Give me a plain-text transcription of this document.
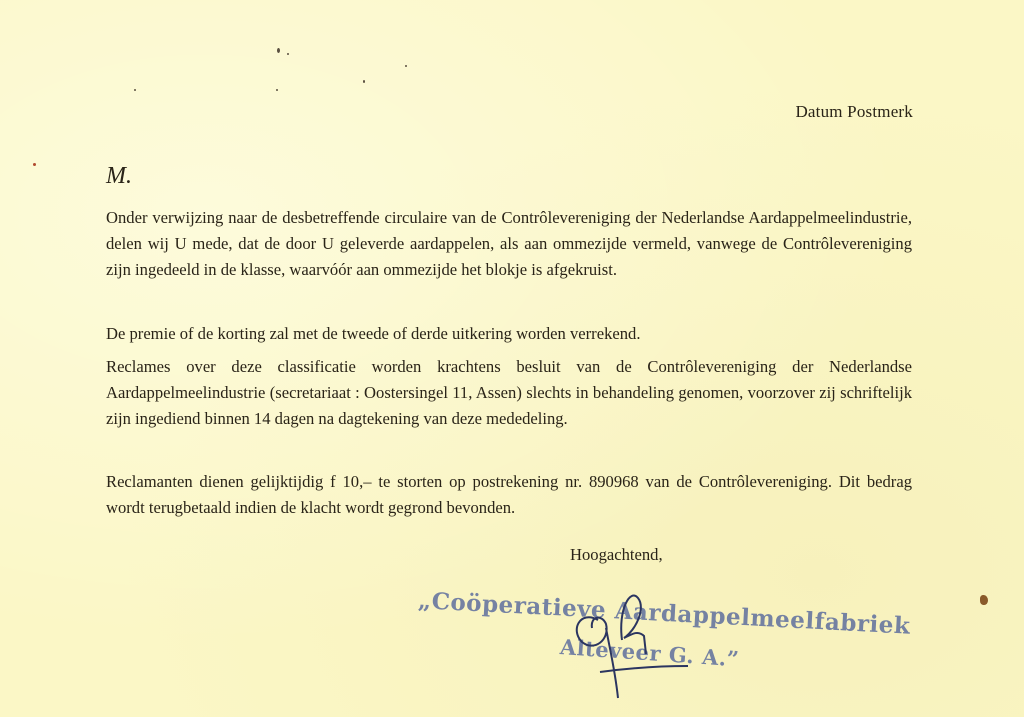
Datum Postmerk
M.

Onder verwijzing naar de desbetreffende circulaire van de Contrôlevereniging der Nederlandse Aardappelmeelindustrie, delen wij U mede, dat de door U geleverde aardappelen, als aan ommezijde vermeld, vanwege de Contrôlevereniging zijn ingedeeld in de klasse, waarvóór aan ommezijde het blokje is afgekruist.

De premie of de korting zal met de tweede of derde uitkering worden verrekend.

Reclames over deze classificatie worden krachtens besluit van de Contrôlevereniging der Nederlandse Aardappelmeelindustrie (secretariaat : Oostersingel 11, Assen) slechts in behandeling genomen, voorzover zij schriftelijk zijn ingediend binnen 14 dagen na dagtekening van deze mededeling.

Reclamanten dienen gelijktijdig f 10,– te storten op postrekening nr. 890968 van de Contrôlevereniging. Dit bedrag wordt terugbetaald indien de klacht wordt gegrond bevonden.

Hoogachtend,
„Coöperatieve Aardappelmeelfabriek
Alteveer G. A.”
